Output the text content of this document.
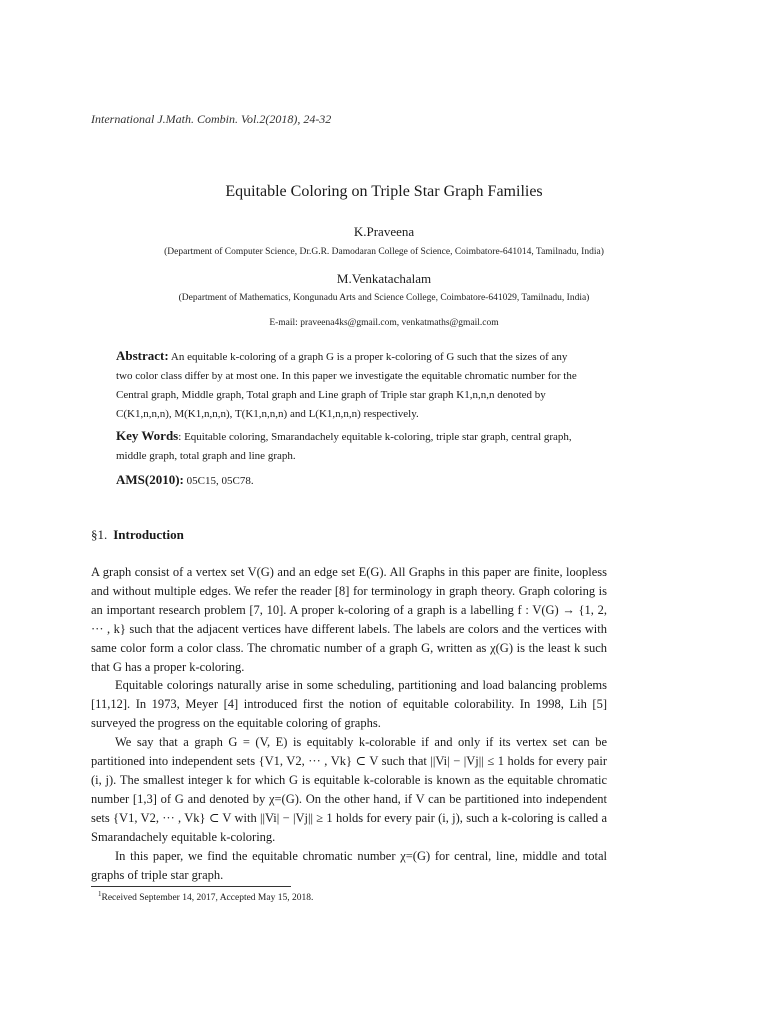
International J.Math. Combin. Vol.2(2018), 24-32
Equitable Coloring on Triple Star Graph Families
K.Praveena
(Department of Computer Science, Dr.G.R. Damodaran College of Science, Coimbatore-641014, Tamilnadu, India)
M.Venkatachalam
(Department of Mathematics, Kongunadu Arts and Science College, Coimbatore-641029, Tamilnadu, India)
E-mail: praveena4ks@gmail.com, venkatmaths@gmail.com

Abstract: An equitable k-coloring of a graph G is a proper k-coloring of G such that the sizes of any two color class differ by at most one. In this paper we investigate the equitable chromatic number for the Central graph, Middle graph, Total graph and Line graph of Triple star graph K1,n,n,n denoted by C(K1,n,n,n), M(K1,n,n,n), T(K1,n,n,n) and L(K1,n,n,n) respectively.

Key Words: Equitable coloring, Smarandachely equitable k-coloring, triple star graph, central graph, middle graph, total graph and line graph.

AMS(2010): 05C15, 05C78.

§1. Introduction

A graph consist of a vertex set V(G) and an edge set E(G). All Graphs in this paper are finite, loopless and without multiple edges. We refer the reader [8] for terminology in graph theory. Graph coloring is an important research problem [7, 10]. A proper k-coloring of a graph is a labelling f : V(G) → {1, 2, ··· , k} such that the adjacent vertices have different labels. The labels are colors and the vertices with same color form a color class. The chromatic number of a graph G, written as χ(G) is the least k such that G has a proper k-coloring.

Equitable colorings naturally arise in some scheduling, partitioning and load balancing problems [11,12]. In 1973, Meyer [4] introduced first the notion of equitable colorability. In 1998, Lih [5] surveyed the progress on the equitable coloring of graphs.

We say that a graph G = (V, E) is equitably k-colorable if and only if its vertex set can be partitioned into independent sets {V1, V2, ··· , Vk} ⊂ V such that ||Vi| − |Vj|| ≤ 1 holds for every pair (i, j). The smallest integer k for which G is equitable k-colorable is known as the equitable chromatic number [1,3] of G and denoted by χ=(G). On the other hand, if V can be partitioned into independent sets {V1, V2, ··· , Vk} ⊂ V with ||Vi| − |Vj|| ≥ 1 holds for every pair (i, j), such a k-coloring is called a Smarandachely equitable k-coloring.

In this paper, we find the equitable chromatic number χ=(G) for central, line, middle and total graphs of triple star graph.

$^1$Received September 14, 2017, Accepted May 15, 2018.
